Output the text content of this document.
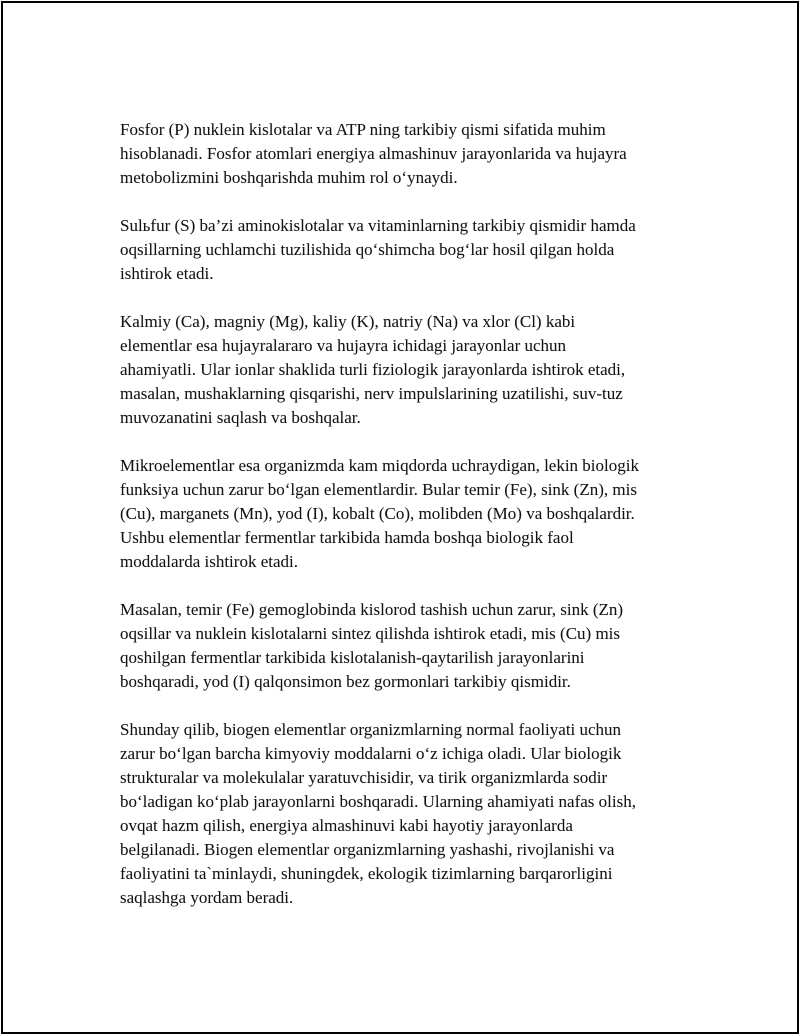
Fosfor (P) nuklein kislotalar va ATP ning tarkibiy qismi sifatida muhim
hisoblanadi. Fosfor atomlari energiya almashinuv jarayonlarida va hujayra
metobolizmini boshqarishda muhim rol o‘ynaydi.

Sulьfur (S) ba’zi aminokislotalar va vitaminlarning tarkibiy qismidir hamda
oqsillarning uchlamchi tuzilishida qo‘shimcha bog‘lar hosil qilgan holda
ishtirok etadi.

Kalmiy (Ca), magniy (Mg), kaliy (K), natriy (Na) va xlor (Cl) kabi
elementlar esa hujayralararo va hujayra ichidagi jarayonlar uchun
ahamiyatli. Ular ionlar shaklida turli fiziologik jarayonlarda ishtirok etadi,
masalan, mushaklarning qisqarishi, nerv impulslarining uzatilishi, suv-tuz
muvozanatini saqlash va boshqalar.

Mikroelementlar esa organizmda kam miqdorda uchraydigan, lekin biologik
funksiya uchun zarur bo‘lgan elementlardir. Bular temir (Fe), sink (Zn), mis
(Cu), marganets (Mn), yod (I), kobalt (Co), molibden (Mo) va boshqalardir.
Ushbu elementlar fermentlar tarkibida hamda boshqa biologik faol
moddalarda ishtirok etadi.

Masalan, temir (Fe) gemoglobinda kislorod tashish uchun zarur, sink (Zn)
oqsillar va nuklein kislotalarni sintez qilishda ishtirok etadi, mis (Cu) mis
qoshilgan fermentlar tarkibida kislotalanish-qaytarilish jarayonlarini
boshqaradi, yod (I) qalqonsimon bez gormonlari tarkibiy qismidir.

Shunday qilib, biogen elementlar organizmlarning normal faoliyati uchun
zarur bo‘lgan barcha kimyoviy moddalarni o‘z ichiga oladi. Ular biologik
strukturalar va molekulalar yaratuvchisidir, va tirik organizmlarda sodir
bo‘ladigan ko‘plab jarayonlarni boshqaradi. Ularning ahamiyati nafas olish,
ovqat hazm qilish, energiya almashinuvi kabi hayotiy jarayonlarda
belgilanadi. Biogen elementlar organizmlarning yashashi, rivojlanishi va
faoliyatini ta`minlaydi, shuningdek, ekologik tizimlarning barqarorligini
saqlashga yordam beradi.
